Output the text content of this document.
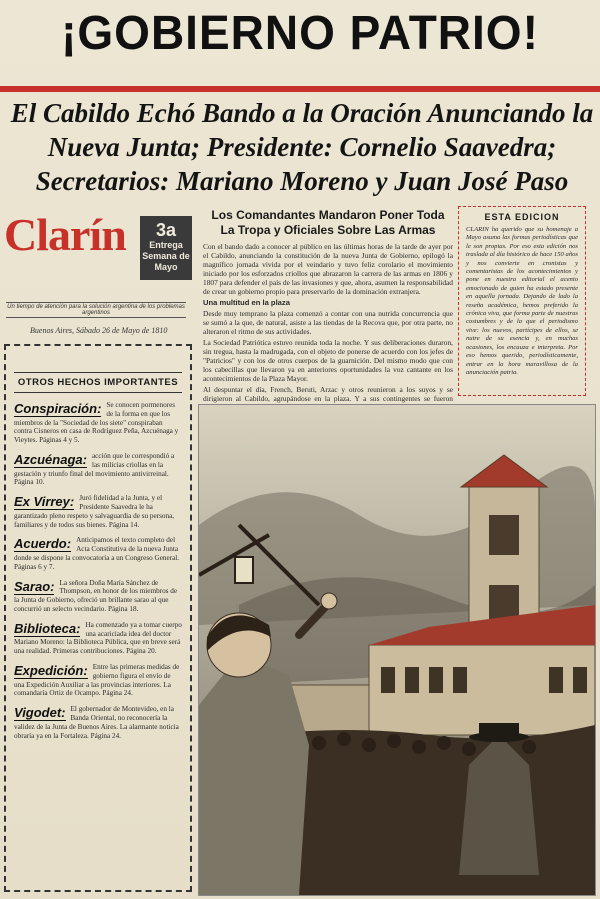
¡GOBIERNO PATRIO!
El Cabildo Echó Bando a la Oración Anunciando la Nueva Junta; Presidente: Cornelio Saavedra; Secretarios: Mariano Moreno y Juan José Paso
Clarín	3a
Entrega Semana de Mayo
Un tiempo de atención para la solución argentina de los problemas argentinos
Buenos Aires, Sábado 26 de Mayo de 1810
Los Comandantes Mandaron Poner Toda La Tropa y Oficiales Sobre Las Armas

Con el bando dado a conocer al público en las últimas horas de la tarde de ayer por el Cabildo, anunciando la constitución de la nueva Junta de Gobierno, epilogó la magnífico jornada vivida por el veindario y tuvo feliz corolario el movimiento iniciado por los esforzados criollos que abrazaron la carrera de las armas en 1806 y 1807 para defender el país de las invasiones y que, ahora, asumen la responsabilidad de crear un gobierno propio para preservarlo de la dominación extranjera.

Una multitud en la plaza

Desde muy temprano la plaza comenzó a contar con una nutrida concurrencia que se sumó a la que, de natural, asiste a las tiendas de la Recova que, por otra parte, no alteraron el ritmo de sus actividades.

La Sociedad Patriótica estuvo reunida toda la noche. Y sus deliberaciones duraron, sin tregua, hasta la madrugada, con el objeto de ponerse de acuerdo con los jefes de "Patricios" y con los de otros cuerpos de la guarnición. Del mismo modo que con los cabecillas que llevaron ya en anteriores oportunidades la voz cantante en los acontecimientos de la Plaza Mayor.

Al despuntar el día, French, Beruti, Arzac y otros reunieron a los suyos y se dirigieron al Cabildo, agrupándose en la plaza. Y a sus contingentes se fueron

ESTA EDICION
CLARIN ha querido que su homenaje a Mayo asuma las formas periodísticas que le son propias. Por eso esta edición nos traslada al día histórico de hace 150 años y nos convierte en cronistas y comentaristas de los acontecimientos y pone en nuestra editorial el acento emocionado de quien ha estado presente en aquella jornada. Dejando de lado la reseña académica, hemos preferido la crónica viva, que forma parte de nuestras costumbres y de la que el periodismo vive: los nuevos, partícipes de ellos, se nutre de su esencia y, en muchas ocasiones, los encauza e interpreta. Por eso hemos querido, periodísticamente, entrar en la hora maravillosa de la anunciación patria.
OTROS HECHOS IMPORTANTES
Conspiración: Se conocen pormenores de la forma en que los miembros de la "Sociedad de los siete" conspiraban contra Cisneros en casa de Rodríguez Peña, Azcuénaga y Vieytes. Páginas 4 y 5.
Azcuénaga: acción que le correspondió a las milicias criollas en la gestación y triunfo final del movimiento antivirreinal. Página 10.
Ex Virrey: Juró fidelidad a la Junta, y el Presidente Saavedra le ha garantizado pleno respeto y salvaguardia de su persona, familiares y de todos sus bienes. Página 14.
Acuerdo: Anticipamos el texto completo del Acta Constitutiva de la nueva Junta donde se dispone la convocatoria a un Congreso General. Páginas 6 y 7.
Sarao: La señora Doña María Sánchez de Thompson, en honor de los miembros de la Junta de Gobierno, ofreció un brillante sarao al que concurrió un selecto vecindario. Página 18.
Biblioteca: Ha comenzado ya a tomar cuerpo una acariciada idea del doctor Mariano Moreno: la Biblioteca Pública, que en breve será una realidad. Primeras contribuciones. Página 20.
Expedición: Entre las primeras medidas de gobierno figura el envío de una Expedición Auxiliar a las provincias interiores. La comandaría Ortiz de Ocampo. Página 24.
Vigodet: El gobernador de Montevideo, en la Banda Oriental, no reconocería la validez de la Junta de Buenos Aires. La alarmante noticia obraría ya en la Fortaleza. Página 24.
